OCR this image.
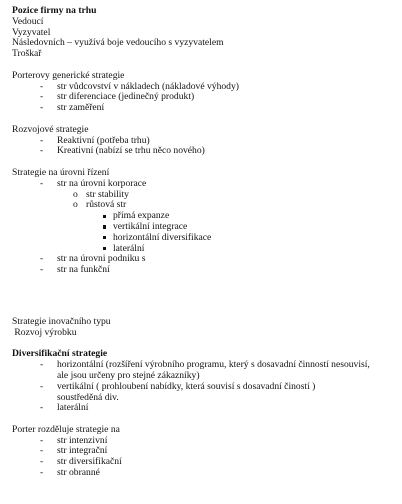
Pozice firmy na trhu
Vedoucí
Vyzyvatel
Následovních – využívá boje vedoucího s vyzyvatelem
Troškař
Porterovy generické strategie
- str vůdcovství v nákladech (nákladové výhody)
- str diferenciace (jedinečný produkt)
- str zaměření
Rozvojové strategie
- Reaktivní (potřeba trhu)
- Kreativní (nabízí se trhu něco nového)
Strategie na úrovni řízení
- str na úrovni korporace
o str stability
o růstová str
přímá expanze
vertikální integrace
horizontální diversifikace
laterální
- str na úrovni podniku s
- str na funkční
Strategie inovačního typu
Rozvoj výrobku
Diversifikační strategie
- horizontální (rozšíření výrobního programu, který s dosavadní činností nesouvisí, ale jsou určeny pro stejné zákazníky)
- vertikální ( prohloubení nabídky, která souvisí s dosavadní čiností ) soustředěná div.
- laterální
Porter rozděluje strategie na
- str intenzivní
- str integrační
- str diversifikační
- str obranné
